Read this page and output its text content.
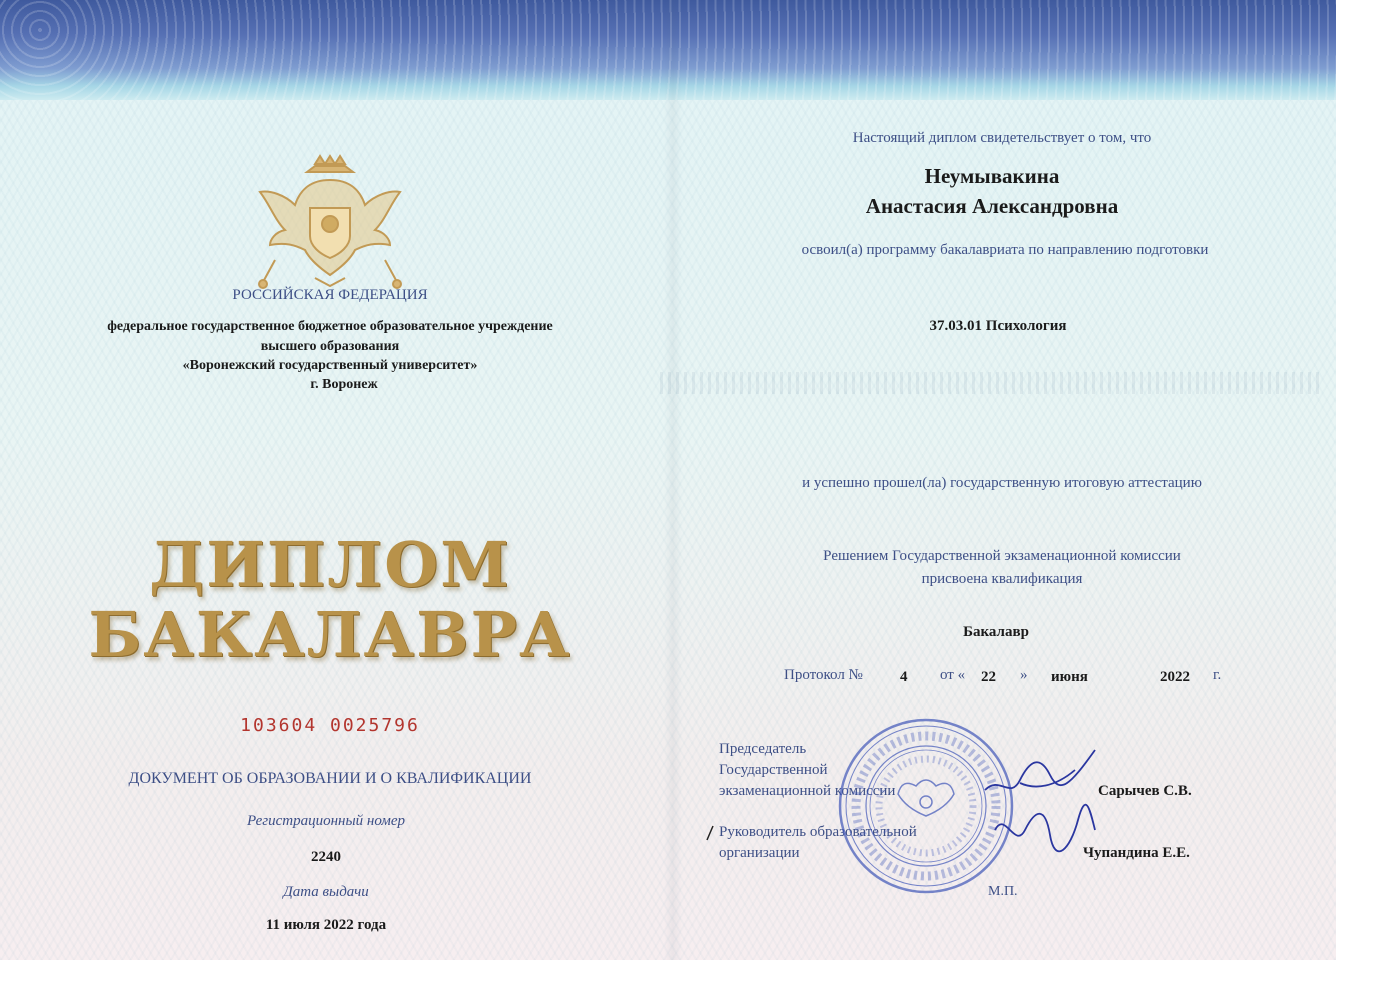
РОССИЙСКАЯ ФЕДЕРАЦИЯ
федеральное государственное бюджетное образовательное учреждение
высшего образования
«Воронежский государственный университет»
г. Воронеж
ДИПЛОМ
БАКАЛАВРА
103604 0025796
ДОКУМЕНТ ОБ ОБРАЗОВАНИИ И О КВАЛИФИКАЦИИ
Регистрационный номер
2240
Дата выдачи
11 июля 2022 года
Настоящий диплом свидетельствует о том, что
Неумывакина
Анастасия Александровна
освоил(а) программу бакалавриата по направлению подготовки
37.03.01 Психология
и успешно прошел(ла) государственную итоговую аттестацию
Решением Государственной экзаменационной комиссии
присвоена квалификация
Бакалавр
Протокол № 4 от « 22 » июня	2022 г.
Председатель
Государственной
экзаменационной комиссии	Сарычев С.В.
Руководитель образовательной
организации	Чупандина Е.Е.
М.П.
